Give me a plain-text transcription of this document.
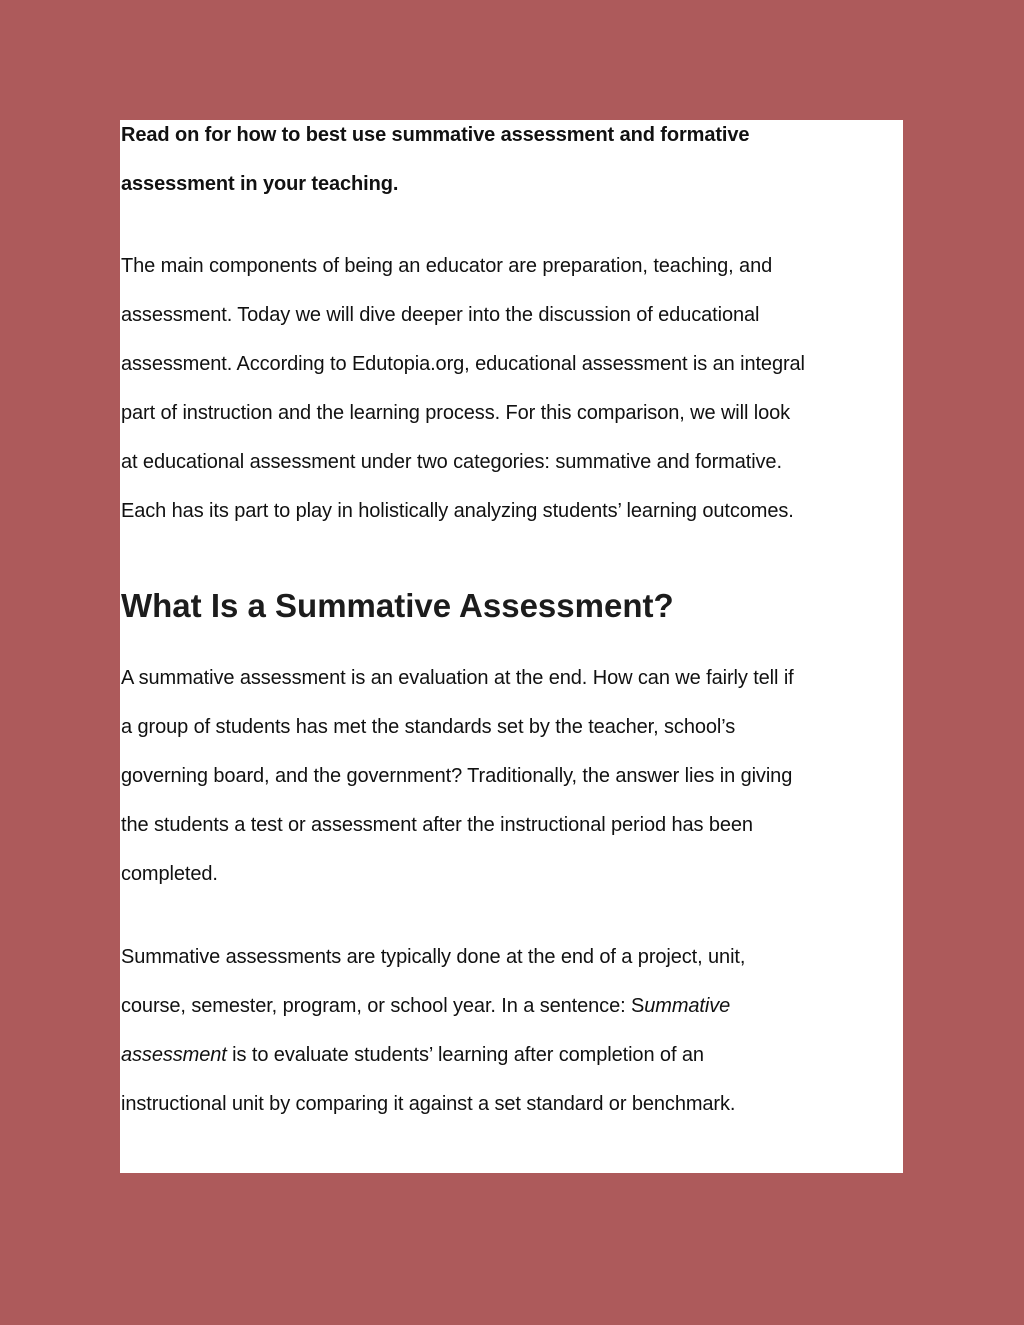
Read on for how to best use summative assessment and formative
assessment in your teaching.
The main components of being an educator are preparation, teaching, and
assessment. Today we will dive deeper into the discussion of educational
assessment. According to Edutopia.org, educational assessment is an integral
part of instruction and the learning process. For this comparison, we will look
at educational assessment under two categories: summative and formative.
Each has its part to play in holistically analyzing students’ learning outcomes.
What Is a Summative Assessment?
A summative assessment is an evaluation at the end. How can we fairly tell if
a group of students has met the standards set by the teacher, school’s
governing board, and the government? Traditionally, the answer lies in giving
the students a test or assessment after the instructional period has been
completed.
Summative assessments are typically done at the end of a project, unit,
course, semester, program, or school year. In a sentence: Summative
assessment is to evaluate students’ learning after completion of an
instructional unit by comparing it against a set standard or benchmark.
